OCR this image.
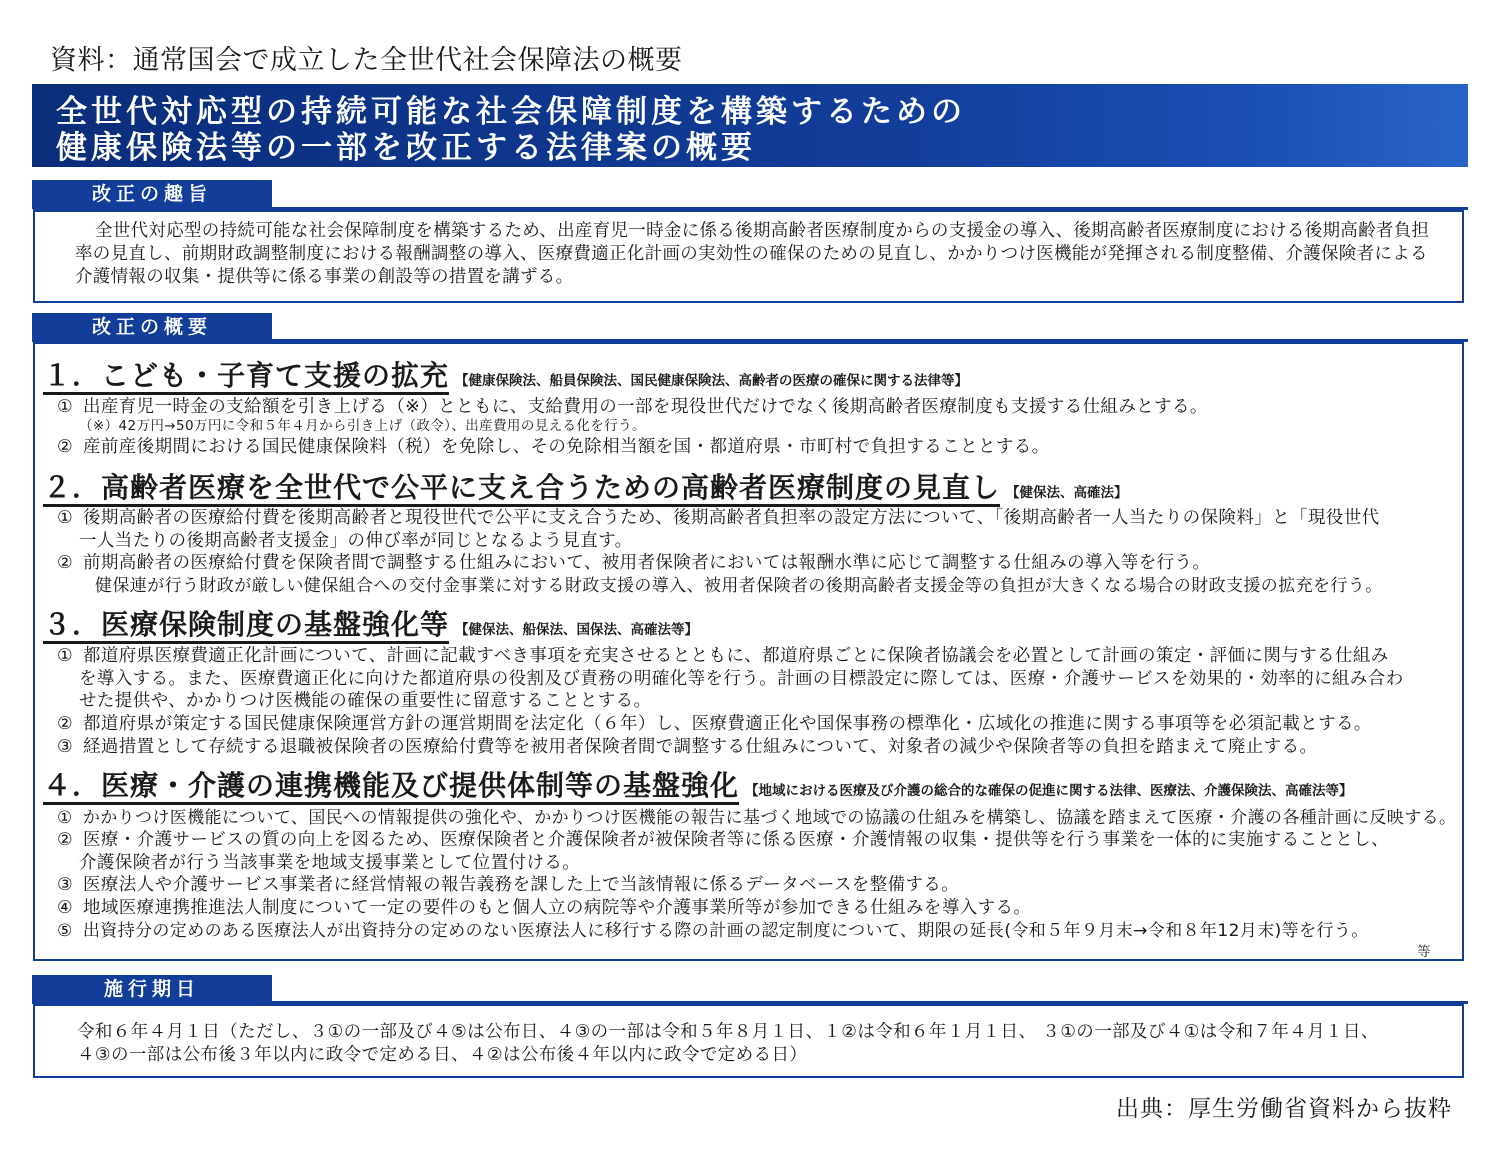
資料：通常国会で成立した全世代社会保障法の概要
全世代対応型の持続可能な社会保障制度を構築するための
健康保険法等の一部を改正する法律案の概要
改正の趣旨
全世代対応型の持続可能な社会保障制度を構築するため、出産育児一時金に係る後期高齢者医療制度からの支援金の導入、後期高齢者医療制度における後期高齢者負担率の見直し、前期財政調整制度における報酬調整の導入、医療費適正化計画の実効性の確保のための見直し、かかりつけ医機能が発揮される制度整備、介護保険者による介護情報の収集・提供等に係る事業の創設等の措置を講ずる。
改正の概要
１．こども・子育て支援の拡充 【健康保険法、船員保険法、国民健康保険法、高齢者の医療の確保に関する法律等】
① 出産育児一時金の支給額を引き上げる（※）とともに、支給費用の一部を現役世代だけでなく後期高齢者医療制度も支援する仕組みとする。
（※）42万円→50万円に令和５年４月から引き上げ（政令）、出産費用の見える化を行う。
② 産前産後期間における国民健康保険料（税）を免除し、その免除相当額を国・都道府県・市町村で負担することとする。
２．高齢者医療を全世代で公平に支え合うための高齢者医療制度の見直し 【健保法、高確法】
① 後期高齢者の医療給付費を後期高齢者と現役世代で公平に支え合うため、後期高齢者負担率の設定方法について、「後期高齢者一人当たりの保険料」と「現役世代
一人当たりの後期高齢者支援金」の伸び率が同じとなるよう見直す。
② 前期高齢者の医療給付費を保険者間で調整する仕組みにおいて、被用者保険者においては報酬水準に応じて調整する仕組みの導入等を行う。
健保連が行う財政が厳しい健保組合への交付金事業に対する財政支援の導入、被用者保険者の後期高齢者支援金等の負担が大きくなる場合の財政支援の拡充を行う。
３．医療保険制度の基盤強化等 【健保法、船保法、国保法、高確法等】
① 都道府県医療費適正化計画について、計画に記載すべき事項を充実させるとともに、都道府県ごとに保険者協議会を必置として計画の策定・評価に関与する仕組み
を導入する。また、医療費適正化に向けた都道府県の役割及び責務の明確化等を行う。計画の目標設定に際しては、医療・介護サービスを効果的・効率的に組み合わ
せた提供や、かかりつけ医機能の確保の重要性に留意することとする。
② 都道府県が策定する国民健康保険運営方針の運営期間を法定化（６年）し、医療費適正化や国保事務の標準化・広域化の推進に関する事項等を必須記載とする。
③ 経過措置として存続する退職被保険者の医療給付費等を被用者保険者間で調整する仕組みについて、対象者の減少や保険者等の負担を踏まえて廃止する。
４．医療・介護の連携機能及び提供体制等の基盤強化 【地域における医療及び介護の総合的な確保の促進に関する法律、医療法、介護保険法、高確法等】
① かかりつけ医機能について、国民への情報提供の強化や、かかりつけ医機能の報告に基づく地域での協議の仕組みを構築し、協議を踏まえて医療・介護の各種計画に反映する。
② 医療・介護サービスの質の向上を図るため、医療保険者と介護保険者が被保険者等に係る医療・介護情報の収集・提供等を行う事業を一体的に実施することとし、
介護保険者が行う当該事業を地域支援事業として位置付ける。
③ 医療法人や介護サービス事業者に経営情報の報告義務を課した上で当該情報に係るデータベースを整備する。
④ 地域医療連携推進法人制度について一定の要件のもと個人立の病院等や介護事業所等が参加できる仕組みを導入する。
⑤ 出資持分の定めのある医療法人が出資持分の定めのない医療法人に移行する際の計画の認定制度について、期限の延長(令和５年９月末→令和８年12月末)等を行う。
等
施行期日
令和６年４月１日（ただし、３①の一部及び４⑤は公布日、４③の一部は令和５年８月１日、１②は令和６年１月１日、 ３①の一部及び４①は令和７年４月１日、
４③の一部は公布後３年以内に政令で定める日、４②は公布後４年以内に政令で定める日）
出典：厚生労働省資料から抜粋
